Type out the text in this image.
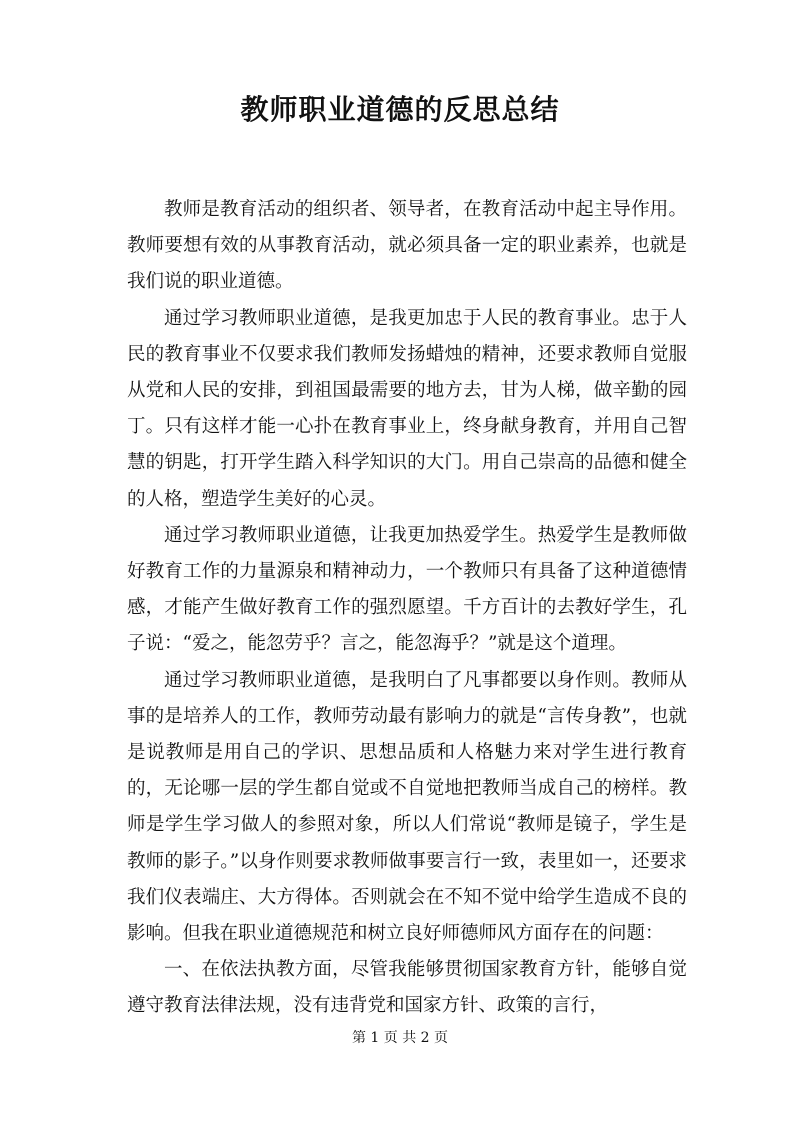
教师职业道德的反思总结

教师是教育活动的组织者、领导者，在教育活动中起主导作用。教师要想有效的从事教育活动，就必须具备一定的职业素养，也就是我们说的职业道德。

通过学习教师职业道德，是我更加忠于人民的教育事业。忠于人民的教育事业不仅要求我们教师发扬蜡烛的精神，还要求教师自觉服从党和人民的安排，到祖国最需要的地方去，甘为人梯，做辛勤的园丁。只有这样才能一心扑在教育事业上，终身献身教育，并用自己智慧的钥匙，打开学生踏入科学知识的大门。用自己崇高的品德和健全的人格，塑造学生美好的心灵。

通过学习教师职业道德，让我更加热爱学生。热爱学生是教师做好教育工作的力量源泉和精神动力，一个教师只有具备了这种道德情感，才能产生做好教育工作的强烈愿望。千方百计的去教好学生，孔子说：“爱之，能忽劳乎？言之，能忽海乎？”就是这个道理。

通过学习教师职业道德，是我明白了凡事都要以身作则。教师从事的是培养人的工作，教师劳动最有影响力的就是“言传身教”，也就是说教师是用自己的学识、思想品质和人格魅力来对学生进行教育的，无论哪一层的学生都自觉或不自觉地把教师当成自己的榜样。教师是学生学习做人的参照对象，所以人们常说“教师是镜子，学生是教师的影子。”以身作则要求教师做事要言行一致，表里如一，还要求我们仪表端庄、大方得体。否则就会在不知不觉中给学生造成不良的影响。但我在职业道德规范和树立良好师德师风方面存在的问题：

一、在依法执教方面，尽管我能够贯彻国家教育方针，能够自觉遵守教育法律法规，没有违背党和国家方针、政策的言行，

第 1 页 共 2 页
